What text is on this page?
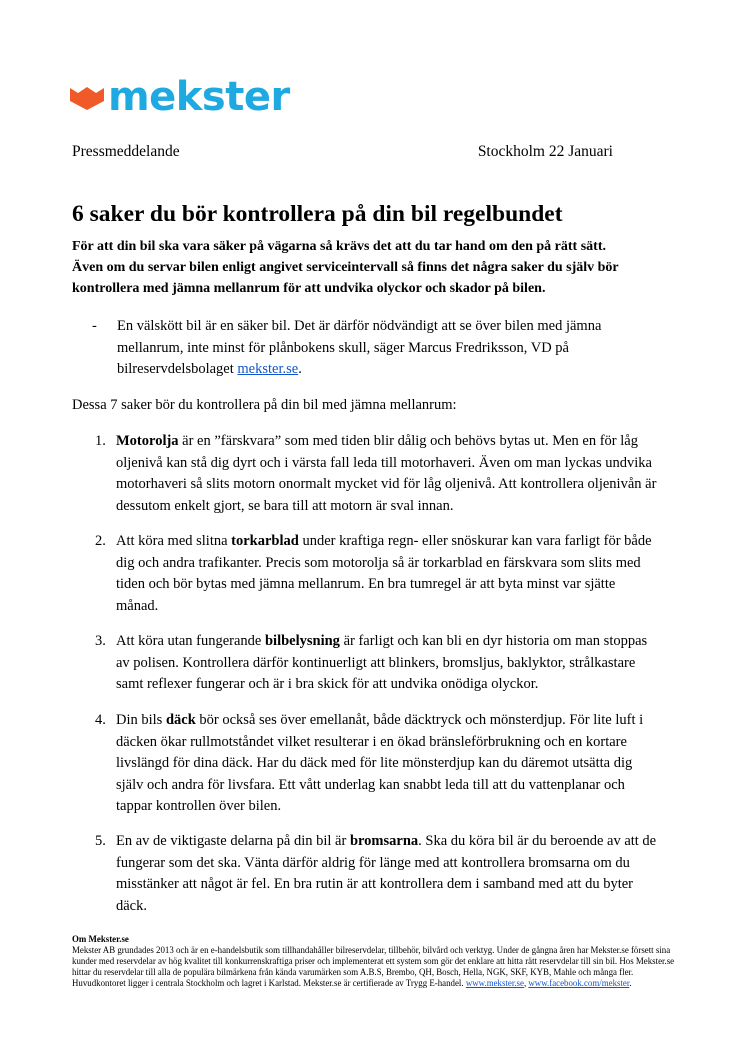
mekster
Pressmeddelande	Stockholm 22 Januari
6 saker du bör kontrollera på din bil regelbundet

För att din bil ska vara säker på vägarna så krävs det att du tar hand om den på rätt sätt. Även om du servar bilen enligt angivet serviceintervall så finns det några saker du själv bör kontrollera med jämna mellanrum för att undvika olyckor och skador på bilen.

- En välskött bil är en säker bil. Det är därför nödvändigt att se över bilen med jämna mellanrum, inte minst för plånbokens skull, säger Marcus Fredriksson, VD på bilreservdelsbolaget mekster.se.
Dessa 7 saker bör du kontrollera på din bil med jämna mellanrum:
1. Motorolja är en ”färskvara” som med tiden blir dålig och behövs bytas ut. Men en för låg oljenivå kan stå dig dyrt och i värsta fall leda till motorhaveri. Även om man lyckas undvika motorhaveri så slits motorn onormalt mycket vid för låg oljenivå. Att kontrollera oljenivån är dessutom enkelt gjort, se bara till att motorn är sval innan.
2. Att köra med slitna torkarblad under kraftiga regn- eller snöskurar kan vara farligt för både dig och andra trafikanter. Precis som motorolja så är torkarblad en färskvara som slits med tiden och bör bytas med jämna mellanrum. En bra tumregel är att byta minst var sjätte månad.
3. Att köra utan fungerande bilbelysning är farligt och kan bli en dyr historia om man stoppas av polisen. Kontrollera därför kontinuerligt att blinkers, bromsljus, baklyktor, strålkastare samt reflexer fungerar och är i bra skick för att undvika onödiga olyckor.
4. Din bils däck bör också ses över emellanåt, både däcktryck och mönsterdjup. För lite luft i däcken ökar rullmotståndet vilket resulterar i en ökad bränsleförbrukning och en kortare livslängd för dina däck. Har du däck med för lite mönsterdjup kan du däremot utsätta dig själv och andra för livsfara. Ett vått underlag kan snabbt leda till att du vattenplanar och tappar kontrollen över bilen.
5. En av de viktigaste delarna på din bil är bromsarna. Ska du köra bil är du beroende av att de fungerar som det ska. Vänta därför aldrig för länge med att kontrollera bromsarna om du misstänker att något är fel. En bra rutin är att kontrollera dem i samband med att du byter däck.
Om Mekster.se
Mekster AB grundades 2013 och är en e-handelsbutik som tillhandahåller bilreservdelar, tillbehör, bilvård och verktyg. Under de gångna åren har Mekster.se försett sina kunder med reservdelar av hög kvalitet till konkurrenskraftiga priser och implementerat ett system som gör det enklare att hitta rätt reservdelar till sin bil. Hos Mekster.se hittar du reservdelar till alla de populära bilmärkena från kända varumärken som A.B.S, Brembo, QH, Bosch, Hella, NGK, SKF, KYB, Mahle och många fler. Huvudkontoret ligger i centrala Stockholm och lagret i Karlstad. Mekster.se är certifierade av Trygg E-handel. www.mekster.se, www.facebook.com/mekster.
